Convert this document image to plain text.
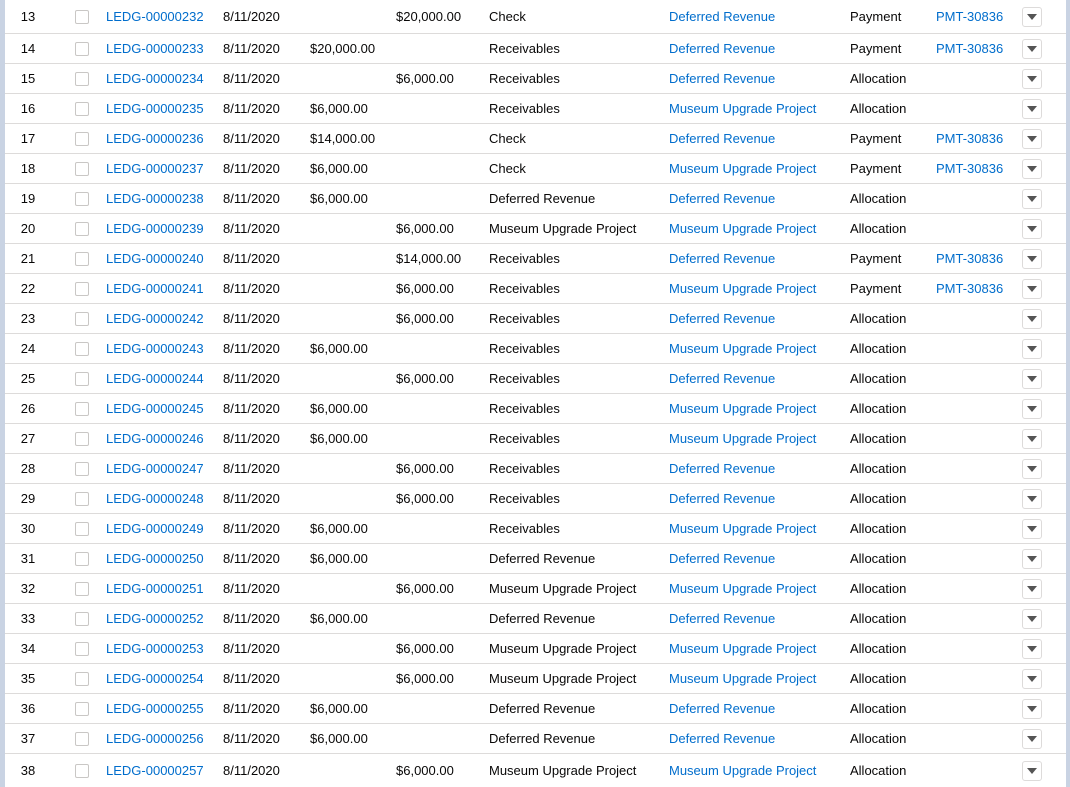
13	LEDG-00000232 8/11/2020	$20,000.00 Check	Deferred Revenue	Payment	PMT-30836
14	LEDG-00000233 8/11/2020 $20,000.00	Receivables	Deferred Revenue	Payment	PMT-30836
15	LEDG-00000234 8/11/2020	$6,000.00	Receivables	Deferred Revenue	Allocation
16	LEDG-00000235 8/11/2020 $6,000.00	Receivables	Museum Upgrade Project	Allocation
17	LEDG-00000236 8/11/2020 $14,000.00	Check	Deferred Revenue	Payment	PMT-30836
18	LEDG-00000237 8/11/2020 $6,000.00	Check	Museum Upgrade Project	Payment	PMT-30836
19	LEDG-00000238 8/11/2020 $6,000.00	Deferred Revenue	Deferred Revenue	Allocation
20	LEDG-00000239 8/11/2020	$6,000.00	Museum Upgrade Project	Museum Upgrade Project	Allocation
21	LEDG-00000240 8/11/2020	$14,000.00 Receivables	Deferred Revenue	Payment	PMT-30836
22	LEDG-00000241 8/11/2020	$6,000.00	Receivables	Museum Upgrade Project	Payment	PMT-30836
23	LEDG-00000242 8/11/2020	$6,000.00	Receivables	Deferred Revenue	Allocation
24	LEDG-00000243 8/11/2020 $6,000.00	Receivables	Museum Upgrade Project	Allocation
25	LEDG-00000244 8/11/2020	$6,000.00	Receivables	Deferred Revenue	Allocation
26	LEDG-00000245 8/11/2020 $6,000.00	Receivables	Museum Upgrade Project	Allocation
27	LEDG-00000246 8/11/2020 $6,000.00	Receivables	Museum Upgrade Project	Allocation
28	LEDG-00000247 8/11/2020	$6,000.00	Receivables	Deferred Revenue	Allocation
29	LEDG-00000248 8/11/2020	$6,000.00	Receivables	Deferred Revenue	Allocation
30	LEDG-00000249 8/11/2020 $6,000.00	Receivables	Museum Upgrade Project	Allocation
31	LEDG-00000250 8/11/2020 $6,000.00	Deferred Revenue	Deferred Revenue	Allocation
32	LEDG-00000251 8/11/2020	$6,000.00	Museum Upgrade Project	Museum Upgrade Project	Allocation
33	LEDG-00000252 8/11/2020 $6,000.00	Deferred Revenue	Deferred Revenue	Allocation
34	LEDG-00000253 8/11/2020	$6,000.00	Museum Upgrade Project	Museum Upgrade Project	Allocation
35	LEDG-00000254 8/11/2020	$6,000.00	Museum Upgrade Project	Museum Upgrade Project	Allocation
36	LEDG-00000255 8/11/2020 $6,000.00	Deferred Revenue	Deferred Revenue	Allocation
37	LEDG-00000256 8/11/2020 $6,000.00	Deferred Revenue	Deferred Revenue	Allocation
38	LEDG-00000257 8/11/2020	$6,000.00	Museum Upgrade Project	Museum Upgrade Project	Allocation
